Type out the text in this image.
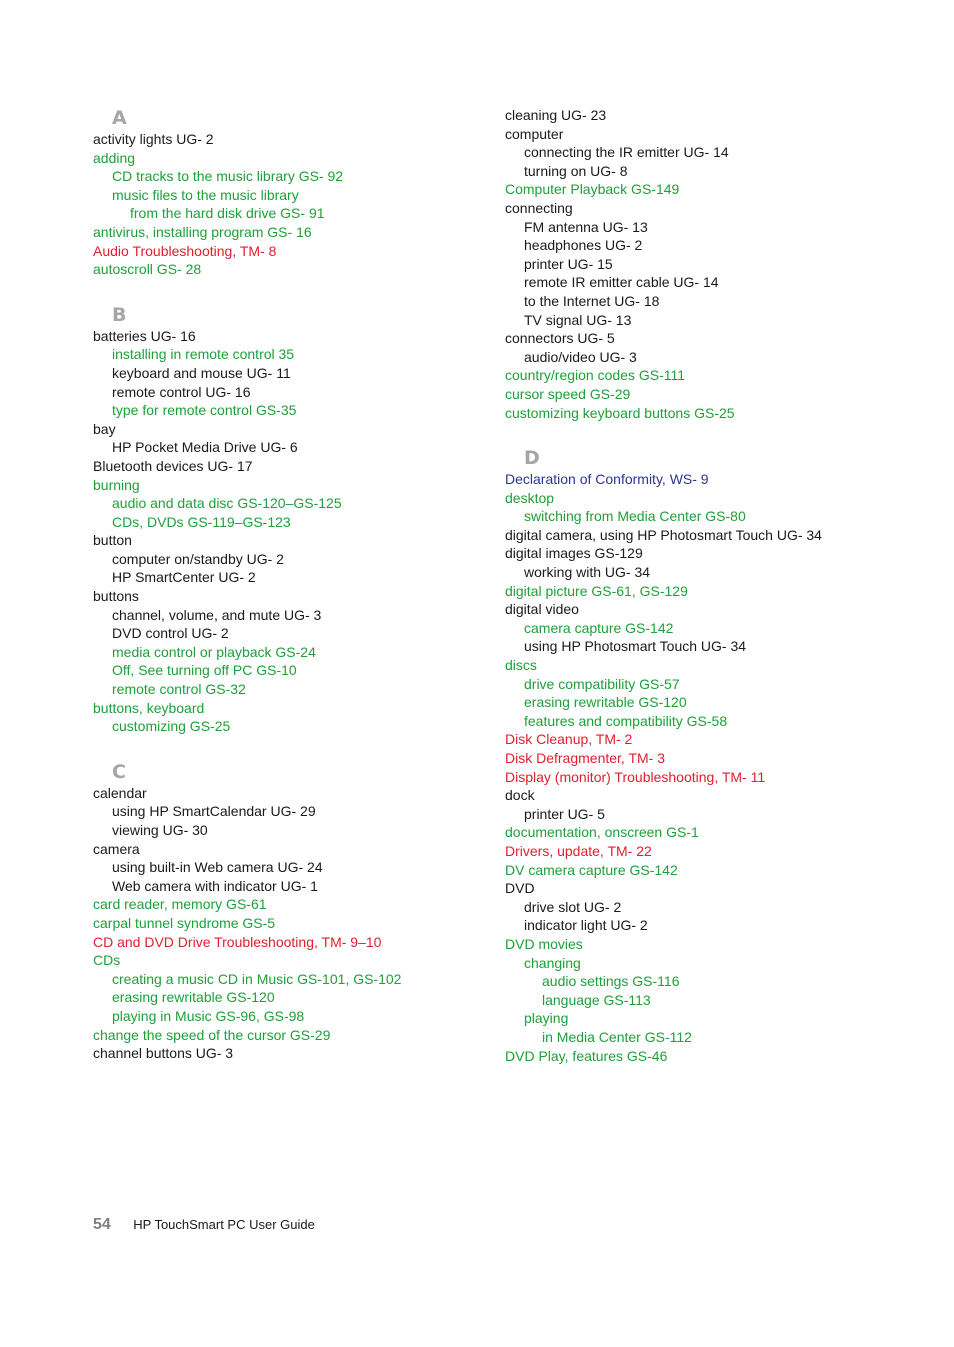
A
activity lights UG- 2
adding
CD tracks to the music library GS- 92
music files to the music library
from the hard disk drive GS- 91
antivirus, installing program GS- 16
Audio Troubleshooting, TM- 8
autoscroll GS- 28
B
batteries UG- 16
installing in remote control 35
keyboard and mouse UG- 11
remote control UG- 16
type for remote control GS-35
bay
HP Pocket Media Drive UG- 6
Bluetooth devices UG- 17
burning
audio and data disc GS-120–GS-125
CDs, DVDs GS-119–GS-123
button
computer on/standby UG- 2
HP SmartCenter UG- 2
buttons
channel, volume, and mute UG- 3
DVD control UG- 2
media control or playback GS-24
Off, See turning off PC GS-10
remote control GS-32
buttons, keyboard
customizing GS-25
C
calendar
using HP SmartCalendar UG- 29
viewing UG- 30
camera
using built-in Web camera UG- 24
Web camera with indicator UG- 1
card reader, memory GS-61
carpal tunnel syndrome GS-5
CD and DVD Drive Troubleshooting, TM- 9–10
CDs
creating a music CD in Music GS-101, GS-102
erasing rewritable GS-120
playing in Music GS-96, GS-98
change the speed of the cursor GS-29
channel buttons UG- 3
cleaning UG- 23
computer
connecting the IR emitter UG- 14
turning on UG- 8
Computer Playback GS-149
connecting
FM antenna UG- 13
headphones UG- 2
printer UG- 15
remote IR emitter cable UG- 14
to the Internet UG- 18
TV signal UG- 13
connectors UG- 5
audio/video UG- 3
country/region codes GS-111
cursor speed GS-29
customizing keyboard buttons GS-25
D
Declaration of Conformity, WS- 9
desktop
switching from Media Center GS-80
digital camera, using HP Photosmart Touch UG- 34
digital images GS-129
working with UG- 34
digital picture GS-61, GS-129
digital video
camera capture GS-142
using HP Photosmart Touch UG- 34
discs
drive compatibility GS-57
erasing rewritable GS-120
features and compatibility GS-58
Disk Cleanup, TM- 2
Disk Defragmenter, TM- 3
Display (monitor) Troubleshooting, TM- 11
dock
printer UG- 5
documentation, onscreen GS-1
Drivers, update, TM- 22
DV camera capture GS-142
DVD
drive slot UG- 2
indicator light UG- 2
DVD movies
changing
audio settings GS-116
language GS-113
playing
in Media Center GS-112
DVD Play, features GS-46
54 HP TouchSmart PC User Guide
